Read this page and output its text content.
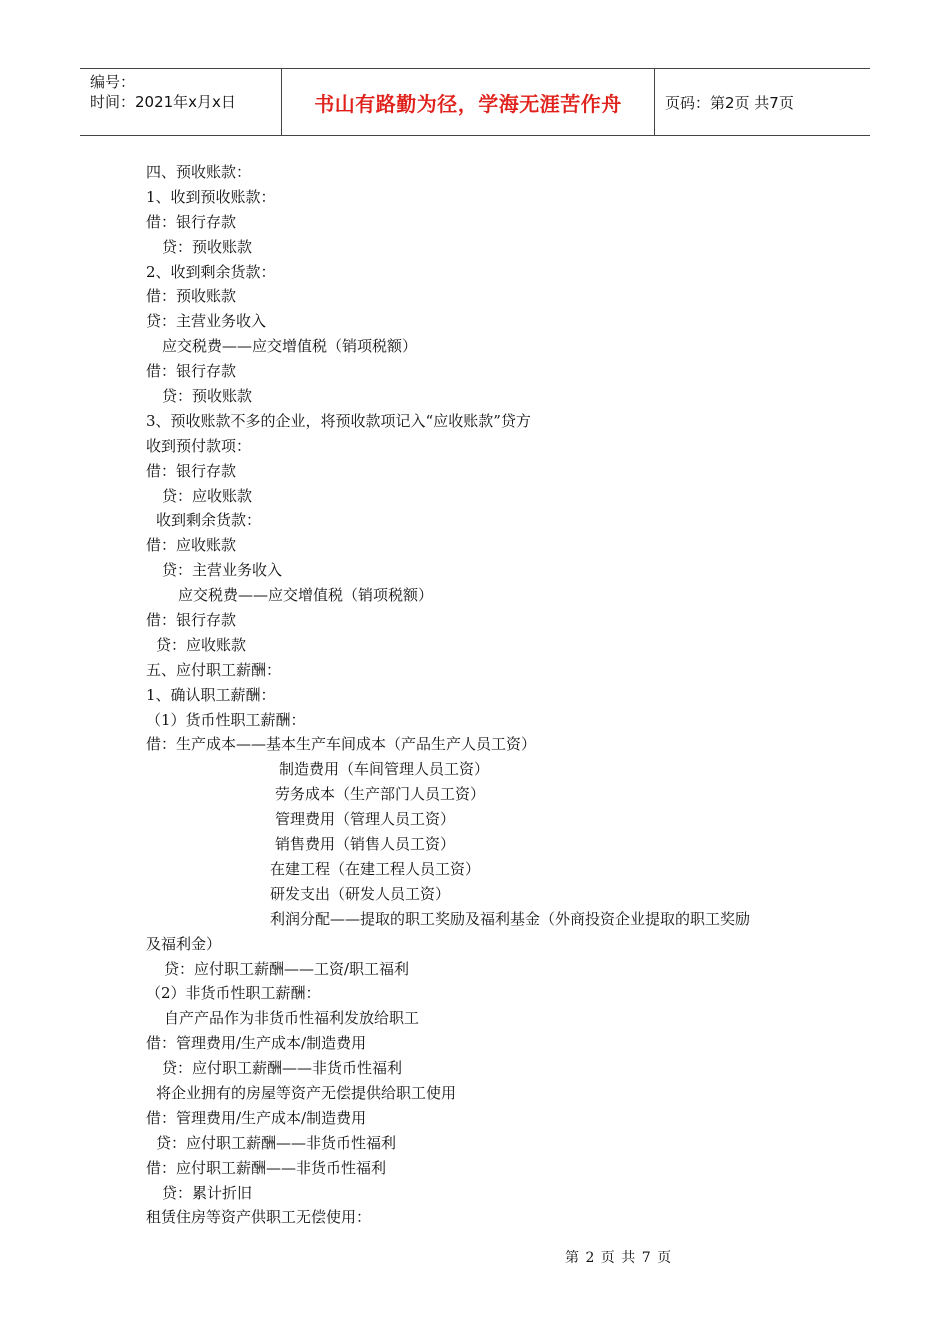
编号：
时间：2021年x月x日	书山有路勤为径，学海无涯苦作舟	页码：第2页 共7页
四、预收账款：
1、收到预收账款：
借：银行存款
贷：预收账款
2、收到剩余货款：
借：预收账款
贷：主营业务收入
应交税费——应交增值税（销项税额）
借：银行存款
贷：预收账款
3、预收账款不多的企业，将预收款项记入“应收账款”贷方
收到预付款项：
借：银行存款
贷：应收账款
收到剩余货款：
借：应收账款
贷：主营业务收入
应交税费——应交增值税（销项税额）
借：银行存款
贷：应收账款
五、应付职工薪酬：
1、确认职工薪酬：
（1）货币性职工薪酬：
借：生产成本——基本生产车间成本（产品生产人员工资）
制造费用（车间管理人员工资）
劳务成本（生产部门人员工资）
管理费用（管理人员工资）
销售费用（销售人员工资）
在建工程（在建工程人员工资）
研发支出（研发人员工资）
利润分配——提取的职工奖励及福利基金（外商投资企业提取的职工奖励
及福利金）
贷：应付职工薪酬——工资/职工福利
（2）非货币性职工薪酬：
自产产品作为非货币性福利发放给职工
借：管理费用/生产成本/制造费用
贷：应付职工薪酬——非货币性福利
将企业拥有的房屋等资产无偿提供给职工使用
借：管理费用/生产成本/制造费用
贷：应付职工薪酬——非货币性福利
借：应付职工薪酬——非货币性福利
贷：累计折旧
租赁住房等资产供职工无偿使用：
第 2 页 共 7 页
